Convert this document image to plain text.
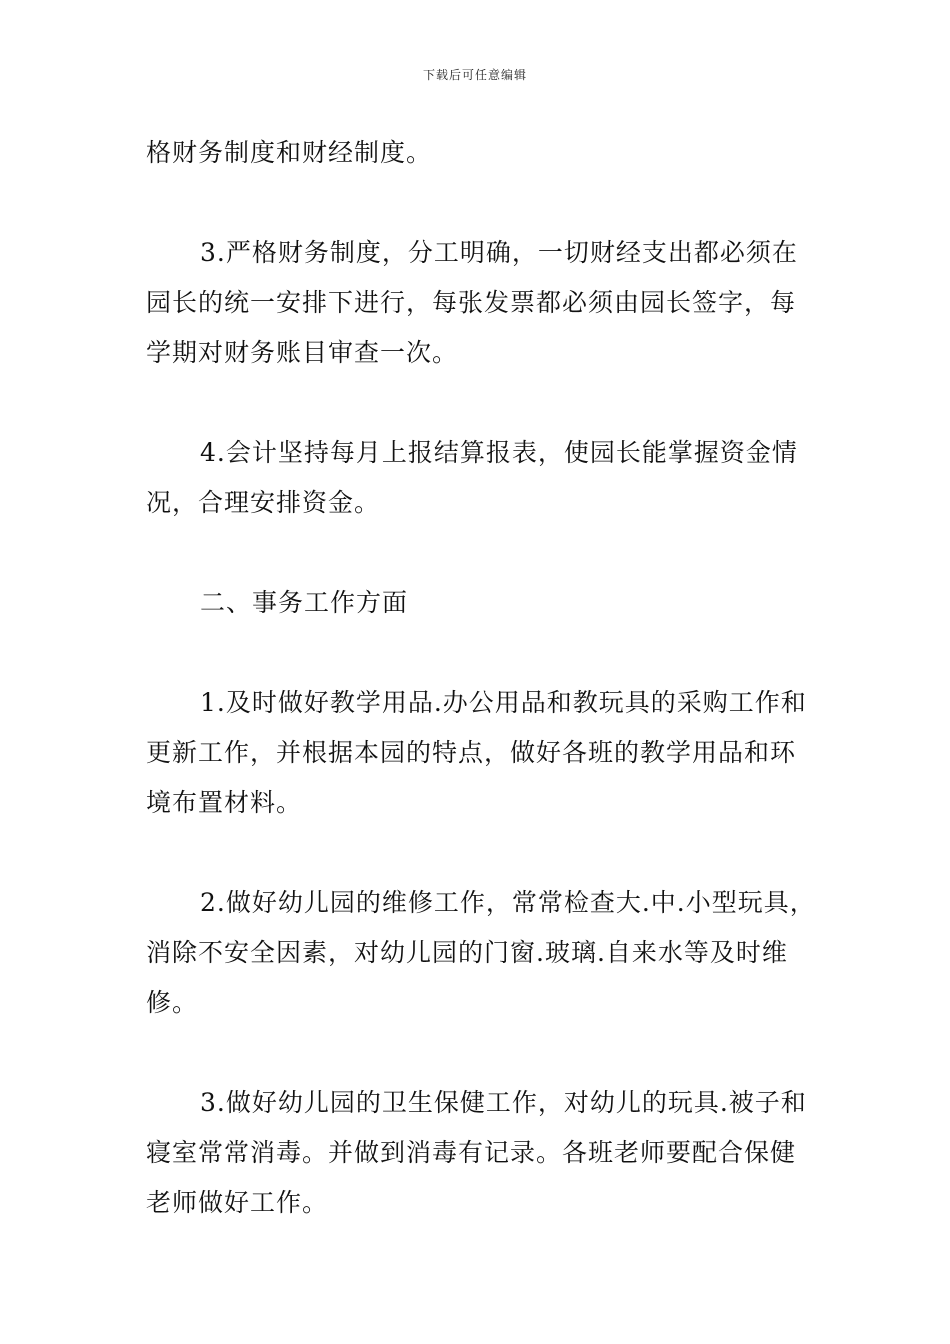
下载后可任意编辑

格财务制度和财经制度。

3.严格财务制度，分工明确，一切财经支出都必须在
园长的统一安排下进行，每张发票都必须由园长签字，每
学期对财务账目审查一次。

4.会计坚持每月上报结算报表，使园长能掌握资金情
况，合理安排资金。

二、事务工作方面

1.及时做好教学用品.办公用品和教玩具的采购工作和
更新工作，并根据本园的特点，做好各班的教学用品和环
境布置材料。

2.做好幼儿园的维修工作，常常检查大.中.小型玩具，
消除不安全因素，对幼儿园的门窗.玻璃.自来水等及时维
修。

3.做好幼儿园的卫生保健工作，对幼儿的玩具.被子和
寝室常常消毒。并做到消毒有记录。各班老师要配合保健
老师做好工作。
